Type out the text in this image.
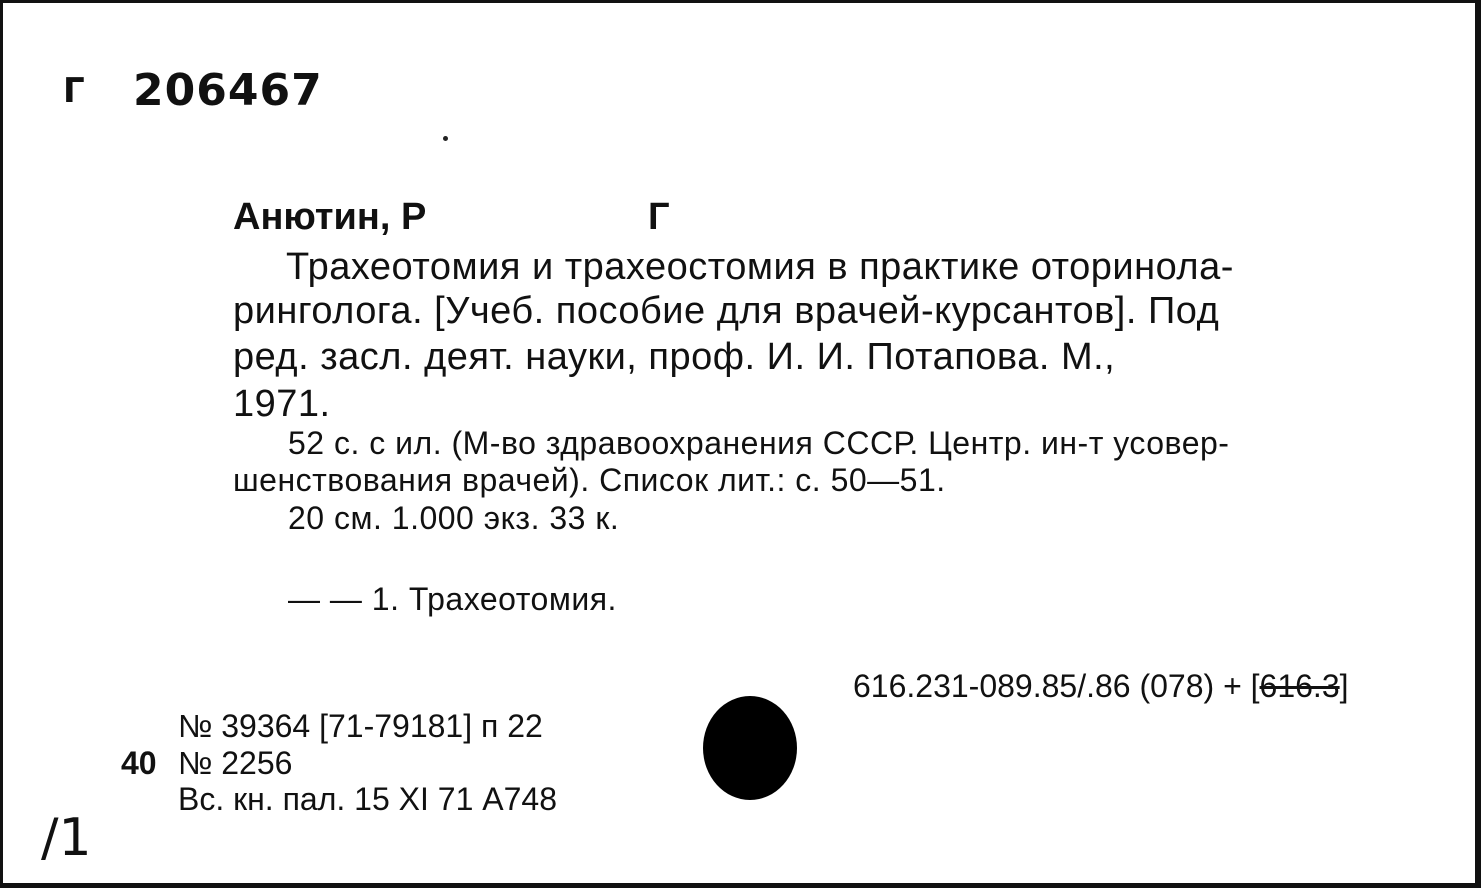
Г 206467
Анютин, Р	Г
Трахеотомия и трахеостомия в практике оторинола-
ринголога. [Учеб. пособие для врачей-курсантов]. Под
ред. засл. деят. науки, проф. И. И. Потапова. М.,
1971.
52 с. с ил. (М-во здравоохранения СССР. Центр. ин-т усовер-
шенствования врачей). Список лит.: с. 50—51.
20 см. 1.000 экз. 33 к.
— — 1. Трахеотомия.
616.231-089.85/.86 (078) + [616.3]
№ 39364 [71-79181] п 22
40 № 2256
Вс. кн. пал. 15 XI 71 А748
/1
